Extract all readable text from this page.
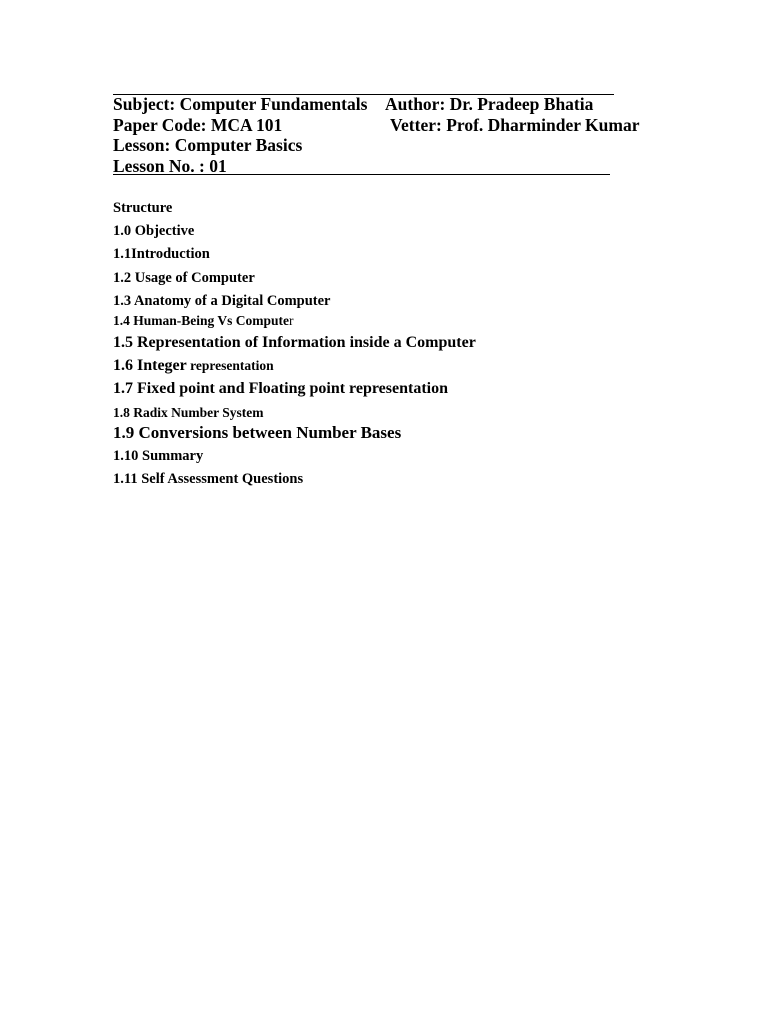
Subject: Computer Fundamentals Author: Dr. Pradeep Bhatia
Paper Code: MCA 101	Vetter: Prof. Dharminder Kumar
Lesson: Computer Basics
Lesson No. : 01
Structure
1.0 Objective
1.1Introduction
1.2 Usage of Computer
1.3 Anatomy of a Digital Computer
1.4 Human-Being Vs Computer
1.5 Representation of Information inside a Computer
1.6 Integer representation
1.7 Fixed point and Floating point representation
1.8 Radix Number System
1.9 Conversions between Number Bases
1.10 Summary
1.11 Self Assessment Questions
